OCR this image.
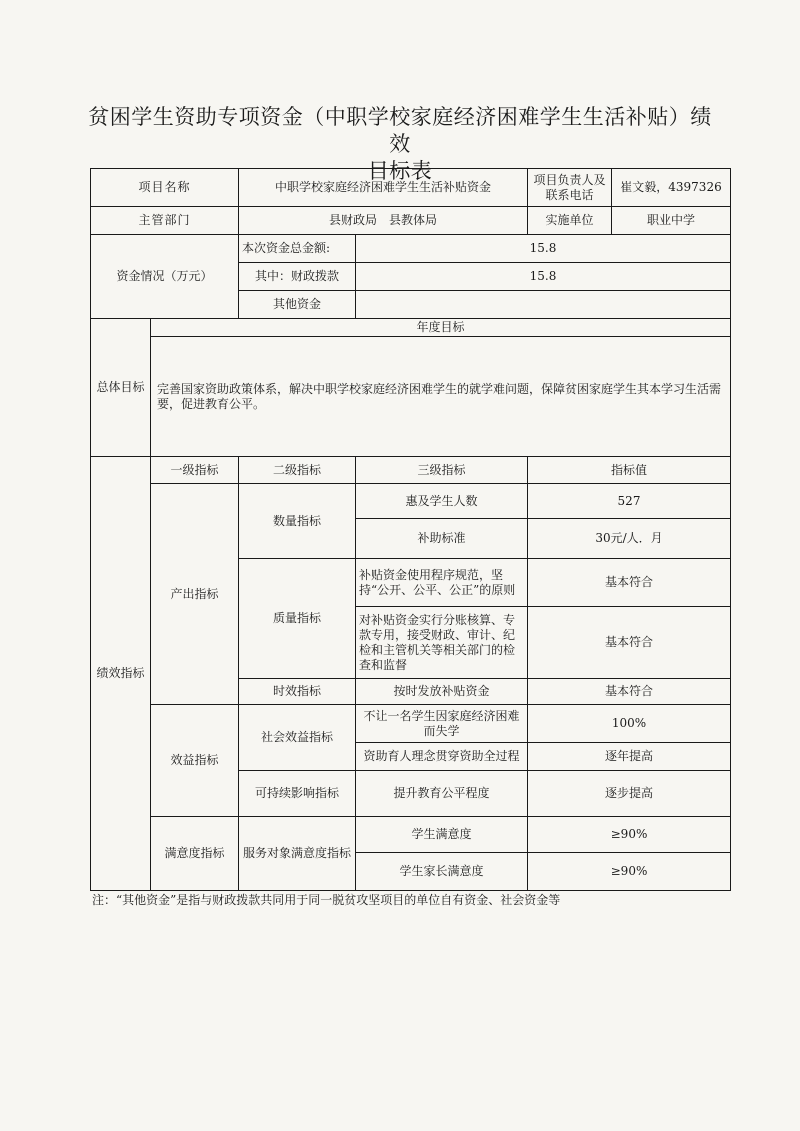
贫困学生资助专项资金（中职学校家庭经济困难学生生活补贴）绩效
目标表
项目名称		中职学校家庭经济困难学生生活补贴资金		项目负责人及联系电话	崔文毅，4397326
主管部门		县财政局　县教体局		实施单位	职业中学
资金情况（万元）		本次资金总金额:	15.8		
		其中：财政拨款	15.8		
		其他资金			
总体目标	年度目标				
	完善国家资助政策体系，解决中职学校家庭经济困难学生的就学难问题，保障贫困家庭学生其本学习生活需要，促进教育公平。				
绩效指标	一级指标	二级指标	三级指标	指标值	
	产出指标	数量指标	惠及学生人数	527	
			补助标准	30元/人．月	
		质量指标	补贴资金使用程序规范，坚持“公开、公平、公正”的原则	基本符合	
			对补贴资金实行分账核算、专款专用，接受财政、审计、纪检和主管机关等相关部门的检查和监督	基本符合	
		时效指标	按时发放补贴资金	基本符合	
	效益指标	社会效益指标	不让一名学生因家庭经济困难而失学	100%	
			资助育人理念贯穿资助全过程	逐年提高	
		可持续影响指标	提升教育公平程度	逐步提高	
	满意度指标	服务对象满意度指标	学生满意度	≥90%	
			学生家长满意度	≥90%	
注：“其他资金”是指与财政拨款共同用于同一脱贫攻坚项目的单位自有资金、社会资金等
